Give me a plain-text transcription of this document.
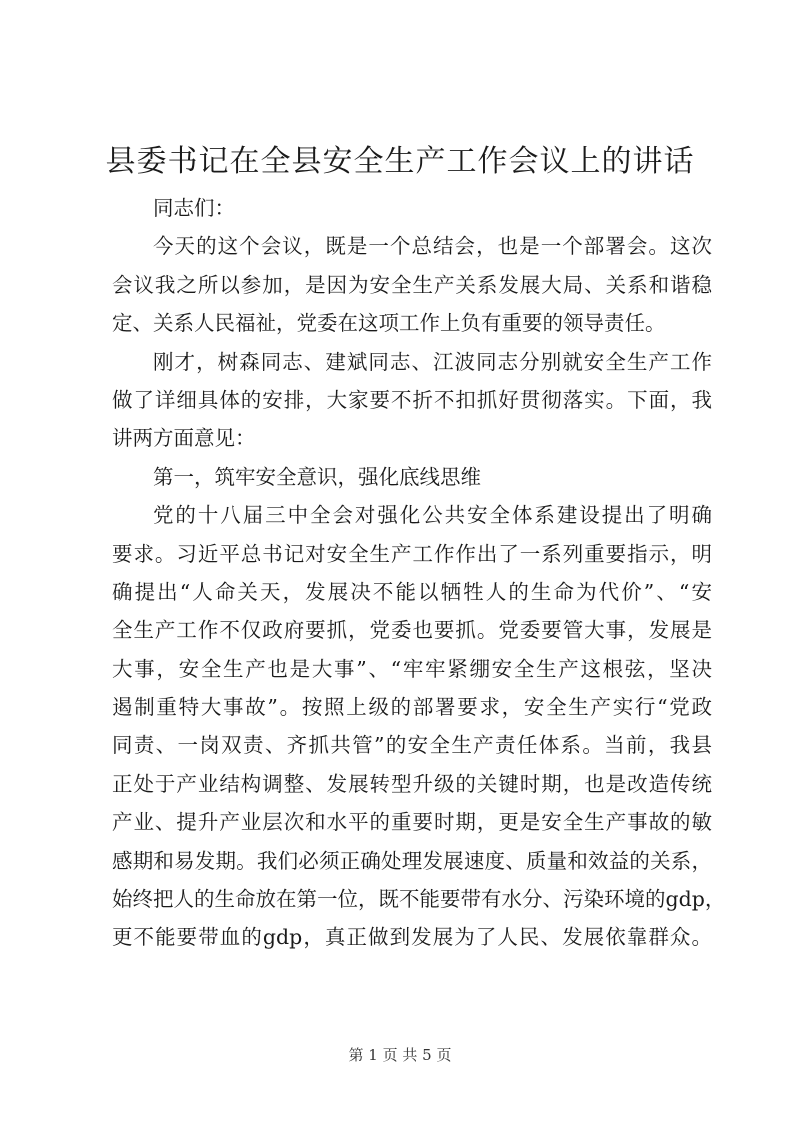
县委书记在全县安全生产工作会议上的讲话
同志们：
今天的这个会议，既是一个总结会，也是一个部署会。这次
会议我之所以参加，是因为安全生产关系发展大局、关系和谐稳
定、关系人民福祉，党委在这项工作上负有重要的领导责任。
刚才，树森同志、建斌同志、江波同志分别就安全生产工作
做了详细具体的安排，大家要不折不扣抓好贯彻落实。下面，我
讲两方面意见：
第一，筑牢安全意识，强化底线思维
党的十八届三中全会对强化公共安全体系建设提出了明确
要求。习近平总书记对安全生产工作作出了一系列重要指示，明
确提出“人命关天，发展决不能以牺牲人的生命为代价”、“安
全生产工作不仅政府要抓，党委也要抓。党委要管大事，发展是
大事，安全生产也是大事”、“牢牢紧绷安全生产这根弦，坚决
遏制重特大事故”。按照上级的部署要求，安全生产实行“党政
同责、一岗双责、齐抓共管”的安全生产责任体系。当前，我县
正处于产业结构调整、发展转型升级的关键时期，也是改造传统
产业、提升产业层次和水平的重要时期，更是安全生产事故的敏
感期和易发期。我们必须正确处理发展速度、质量和效益的关系，
始终把人的生命放在第一位，既不能要带有水分、污染环境的gdp，
更不能要带血的gdp，真正做到发展为了人民、发展依靠群众。
第 1 页 共 5 页
